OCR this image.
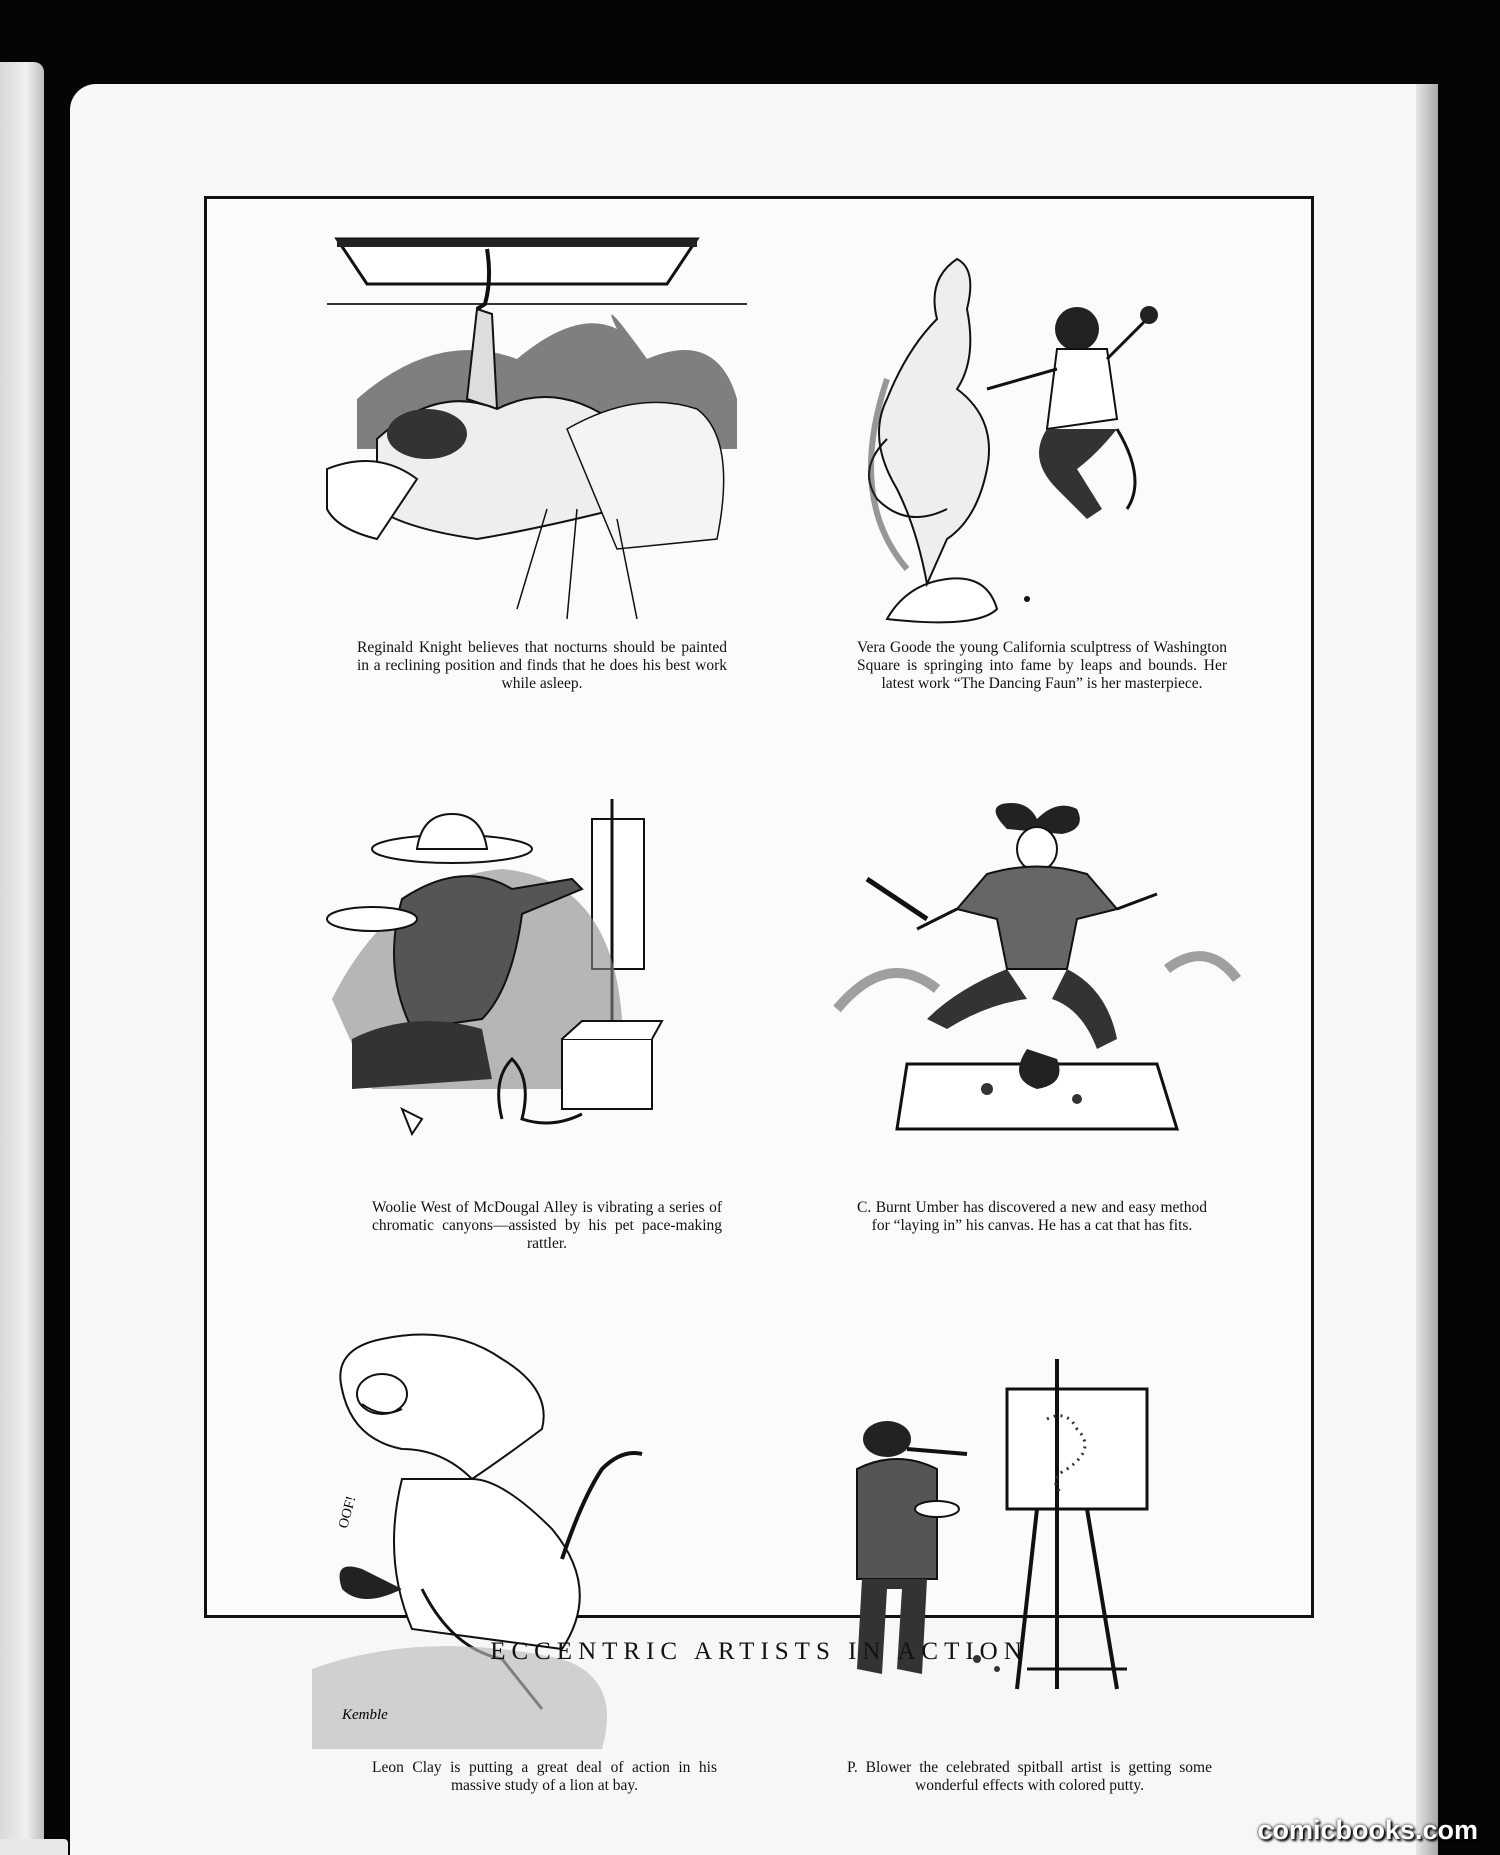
Reginald Knight believes that nocturns should be painted in a reclining position and finds that he does his best work while asleep.
Vera Goode the young California sculptress of Washington Square is springing into fame by leaps and bounds. Her latest work “The Dancing Faun” is her masterpiece.
Woolie West of McDougal Alley is vibrating a series of chromatic canyons—assisted by his pet pace-making rattler.
C. Burnt Umber has discovered a new and easy method for “laying in” his canvas. He has a cat that has fits.
OOF!
Kemble
Leon Clay is putting a great deal of action in his massive study of a lion at bay.
P. Blower the celebrated spitball artist is getting some wonderful effects with colored putty.
ECCENTRIC ARTISTS IN ACTION
comicbooks.com
